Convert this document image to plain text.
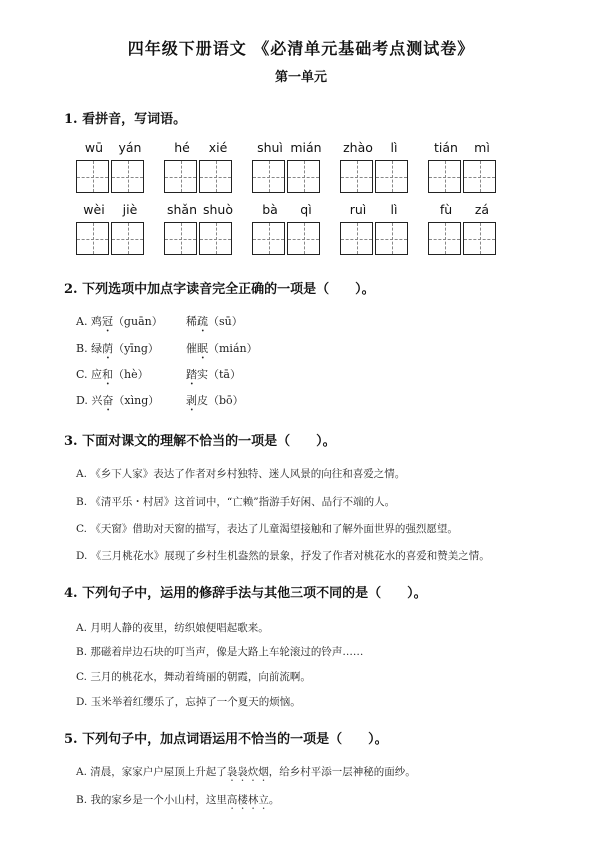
四年级下册语文 《必清单元基础考点测试卷》
第一单元
1. 看拼音，写词语。
wū	yán	hé	xié	shuì mián zhào	lì	tián	mì
wèi	jiè	shǎn shuò	bà	qì	ruì	lì	fù	zá
2. 下列选项中加点字读音完全正确的一项是（　　）。
A. 鸡冠（guān） 稀疏（sū）
B. 绿荫（yīng） 催眠（mián）
C. 应和（hè）	踏实（tā）
D. 兴奋（xìng） 剥皮（bō）
3. 下面对课文的理解不恰当的一项是（　　）。
A. 《乡下人家》表达了作者对乡村独特、迷人风景的向往和喜爱之情。
B. 《清平乐・村居》这首词中，“亡赖”指游手好闲、品行不端的人。
C. 《天窗》借助对天窗的描写，表达了儿童渴望接触和了解外面世界的强烈愿望。
D. 《三月桃花水》展现了乡村生机盎然的景象，抒发了作者对桃花水的喜爱和赞美之情。
4. 下列句子中，运用的修辞手法与其他三项不同的是（　　）。
A. 月明人静的夜里，纺织娘便唱起歌来。
B. 那磁着岸边石块的叮当声，像是大路上车轮滚过的铃声……
C. 三月的桃花水，舞动着绮丽的朝霞，向前流啊。
D. 玉米举着红缨乐了，忘掉了一个夏天的烦恼。
5. 下列句子中，加点词语运用不恰当的一项是（　　）。
A. 清晨，家家户户屋顶上升起了袅袅炊烟，给乡村平添一层神秘的面纱。
B. 我的家乡是一个小山村，这里高楼林立。
